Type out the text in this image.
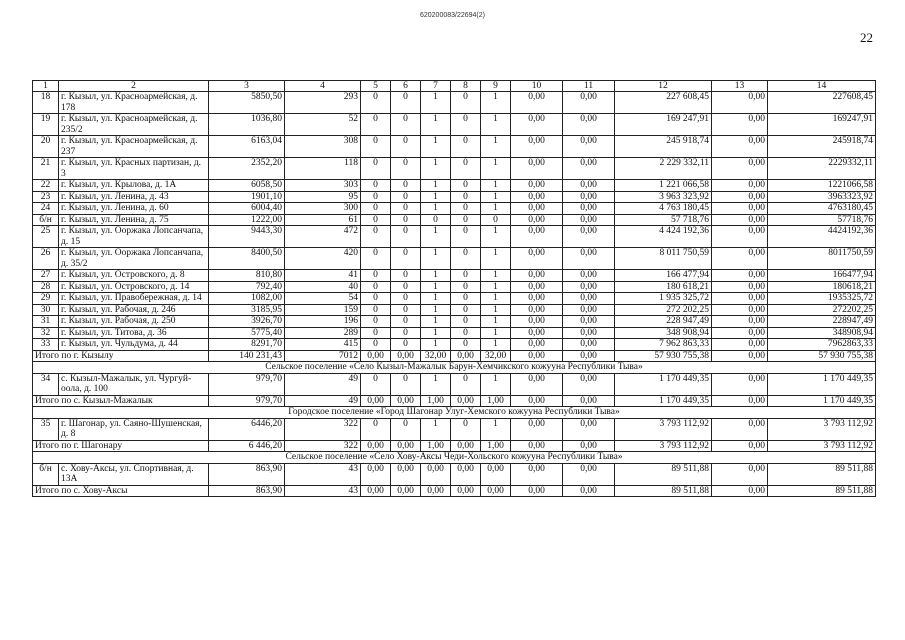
620200083/22694(2)
22
1	2	3	4	5	6	7	8	9	10	11	12	13	14
18	г. Кызыл, ул. Красноармейская, д. 178	5850,50	293	0	0	1	0	1	0,00	0,00	227 608,45	0,00	227608,45
19	г. Кызыл, ул. Красноармейская, д. 235/2	1036,80	52	0	0	1	0	1	0,00	0,00	169 247,91	0,00	169247,91
20	г. Кызыл, ул. Красноармейская, д. 237	6163,04	308	0	0	1	0	1	0,00	0,00	245 918,74	0,00	245918,74
21	г. Кызыл, ул. Красных партизан, д. 3	2352,20	118	0	0	1	0	1	0,00	0,00	2 229 332,11	0,00	2229332,11
22	г. Кызыл, ул. Крылова, д. 1А	6058,50	303	0	0	1	0	1	0,00	0,00	1 221 066,58	0,00	1221066,58
23	г. Кызыл, ул. Ленина, д. 43	1901,10	95	0	0	1	0	1	0,00	0,00	3 963 323,92	0,00	3963323,92
24	г. Кызыл, ул. Ленина, д. 60	6004,40	300	0	0	1	0	1	0,00	0,00	4 763 180,45	0,00	4763180,45
б/н	г. Кызыл, ул. Ленина, д. 75	1222,00	61	0	0	0	0	0	0,00	0,00	57 718,76	0,00	57718,76
25	г. Кызыл, ул. Ооржака Лопсанчапа, д. 15	9443,30	472	0	0	1	0	1	0,00	0,00	4 424 192,36	0,00	4424192,36
26	г. Кызыл, ул. Ооржака Лопсанчапа, д. 35/2	8400,50	420	0	0	1	0	1	0,00	0,00	8 011 750,59	0,00	8011750,59
27	г. Кызыл, ул. Островского, д. 8	810,80	41	0	0	1	0	1	0,00	0,00	166 477,94	0,00	166477,94
28	г. Кызыл, ул. Островского, д. 14	792,40	40	0	0	1	0	1	0,00	0,00	180 618,21	0,00	180618,21
29	г. Кызыл, ул. Правобережная, д. 14	1082,00	54	0	0	1	0	1	0,00	0,00	1 935 325,72	0,00	1935325,72
30	г. Кызыл, ул. Рабочая, д. 246	3185,95	159	0	0	1	0	1	0,00	0,00	272 202,25	0,00	272202,25
31	г. Кызыл, ул. Рабочая, д. 250	3926,70	196	0	0	1	0	1	0,00	0,00	228 947,49	0,00	228947,49
32	г. Кызыл, ул. Титова, д. 36	5775,40	289	0	0	1	0	1	0,00	0,00	348 908,94	0,00	348908,94
33	г. Кызыл, ул. Чульдума, д. 44	8291,70	415	0	0	1	0	1	0,00	0,00	7 962 863,33	0,00	7962863,33
Итого по г. Кызылу		140 231,43	7012	0,00	0,00	32,00	0,00	32,00	0,00	0,00	57 930 755,38	0,00	57 930 755,38
Сельское поселение «Село Кызыл-Мажалык Барун-Хемчикского кожууна Республики Тыва»													
34	с. Кызыл-Мажалык, ул. Чургуй-оола, д. 100	979,70	49	0	0	1	0	1	0,00	0,00	1 170 449,35	0,00	1 170 449,35
Итого по с. Кызыл-Мажалык		979,70	49	0,00	0,00	1,00	0,00	1,00	0,00	0,00	1 170 449,35	0,00	1 170 449,35
Городское поселение «Город Шагонар Улуг-Хемского кожууна Республики Тыва»													
35	г. Шагонар, ул. Саяно-Шушенская, д. 8	6446,20	322	0	0	1	0	1	0,00	0,00	3 793 112,92	0,00	3 793 112,92
Итого по г. Шагонару		6 446,20	322	0,00	0,00	1,00	0,00	1,00	0,00	0,00	3 793 112,92	0,00	3 793 112,92
Сельское поселение «Село Хову-Аксы Чеди-Хольского кожууна Республики Тыва»													
б/н	с. Хову-Аксы, ул. Спортивная, д. 13А	863,90	43	0,00	0,00	0,00	0,00	0,00	0,00	0,00	89 511,88	0,00	89 511,88
Итого по с. Хову-Аксы		863,90	43	0,00	0,00	0,00	0,00	0,00	0,00	0,00	89 511,88	0,00	89 511,88
